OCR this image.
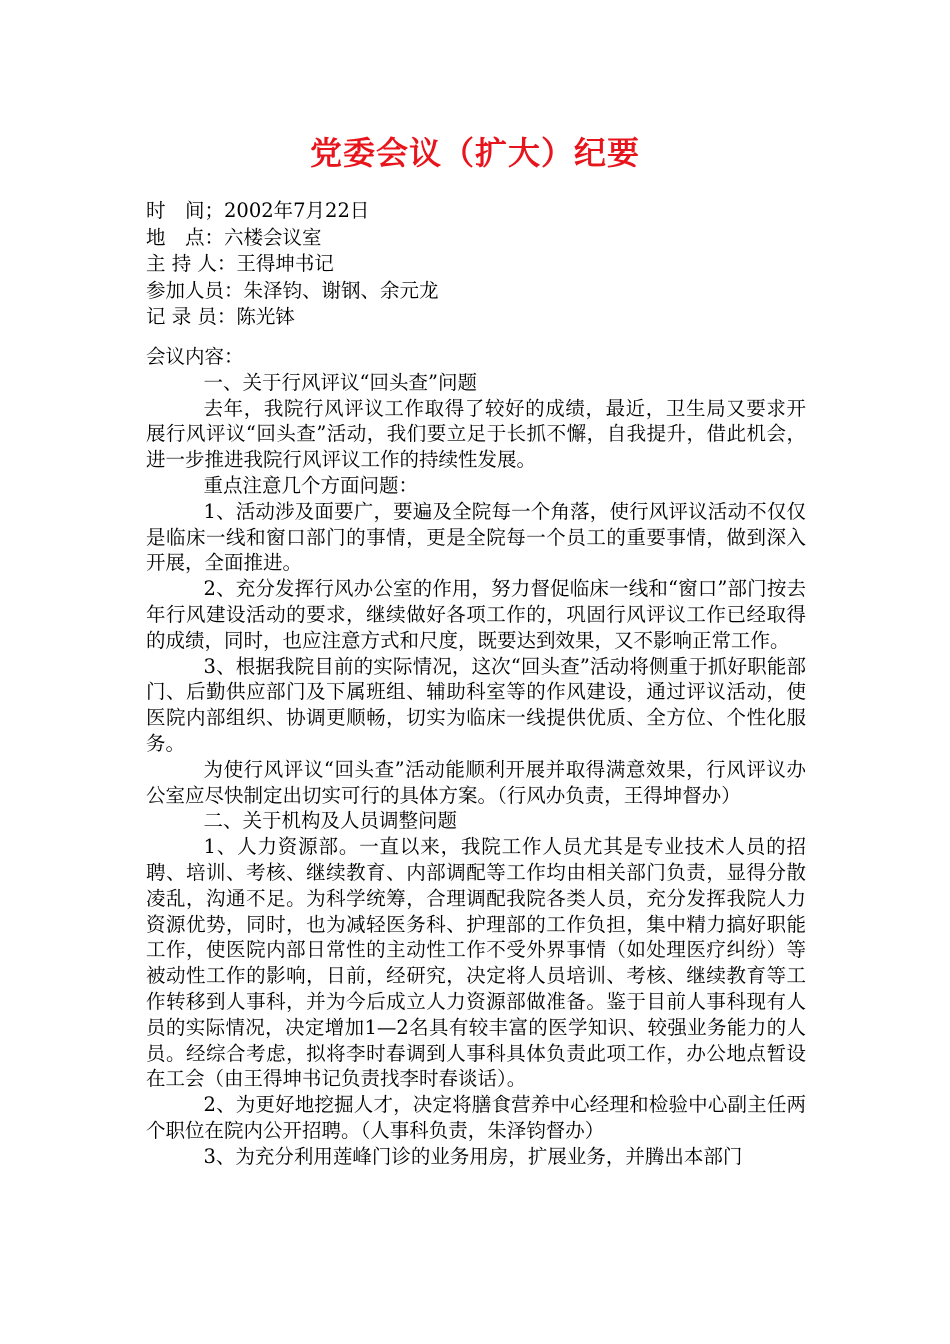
党委会议（扩大）纪要
时　间；2002年7月22日
地　点：六楼会议室
主 持 人：王得坤书记
参加人员：朱泽钧、谢钢、余元龙
记 录 员：陈光钵

会议内容：

一、关于行风评议“回头查”问题

去年，我院行风评议工作取得了较好的成绩，最近，卫生局又要求开展行风评议“回头查”活动，我们要立足于长抓不懈，自我提升，借此机会，进一步推进我院行风评议工作的持续性发展。

重点注意几个方面问题：

1、活动涉及面要广，要遍及全院每一个角落，使行风评议活动不仅仅是临床一线和窗口部门的事情，更是全院每一个员工的重要事情，做到深入开展，全面推进。

2、充分发挥行风办公室的作用，努力督促临床一线和“窗口”部门按去年行风建设活动的要求，继续做好各项工作的，巩固行风评议工作已经取得的成绩，同时，也应注意方式和尺度，既要达到效果，又不影响正常工作。

3、根据我院目前的实际情况，这次“回头查”活动将侧重于抓好职能部门、后勤供应部门及下属班组、辅助科室等的作风建设，通过评议活动，使医院内部组织、协调更顺畅，切实为临床一线提供优质、全方位、个性化服务。

为使行风评议“回头查”活动能顺利开展并取得满意效果，行风评议办公室应尽快制定出切实可行的具体方案。（行风办负责，王得坤督办）

二、关于机构及人员调整问题

1、人力资源部。一直以来，我院工作人员尤其是专业技术人员的招聘、培训、考核、继续教育、内部调配等工作均由相关部门负责，显得分散凌乱，沟通不足。为科学统筹，合理调配我院各类人员，充分发挥我院人力资源优势，同时，也为减轻医务科、护理部的工作负担，集中精力搞好职能工作，使医院内部日常性的主动性工作不受外界事情（如处理医疗纠纷）等被动性工作的影响，日前，经研究，决定将人员培训、考核、继续教育等工作转移到人事科，并为今后成立人力资源部做准备。鉴于目前人事科现有人员的实际情况，决定增加1—2名具有较丰富的医学知识、较强业务能力的人员。经综合考虑，拟将李时春调到人事科具体负责此项工作，办公地点暂设在工会（由王得坤书记负责找李时春谈话）。

2、为更好地挖掘人才，决定将膳食营养中心经理和检验中心副主任两个职位在院内公开招聘。（人事科负责，朱泽钧督办）

3、为充分利用莲峰门诊的业务用房，扩展业务，并腾出本部门
